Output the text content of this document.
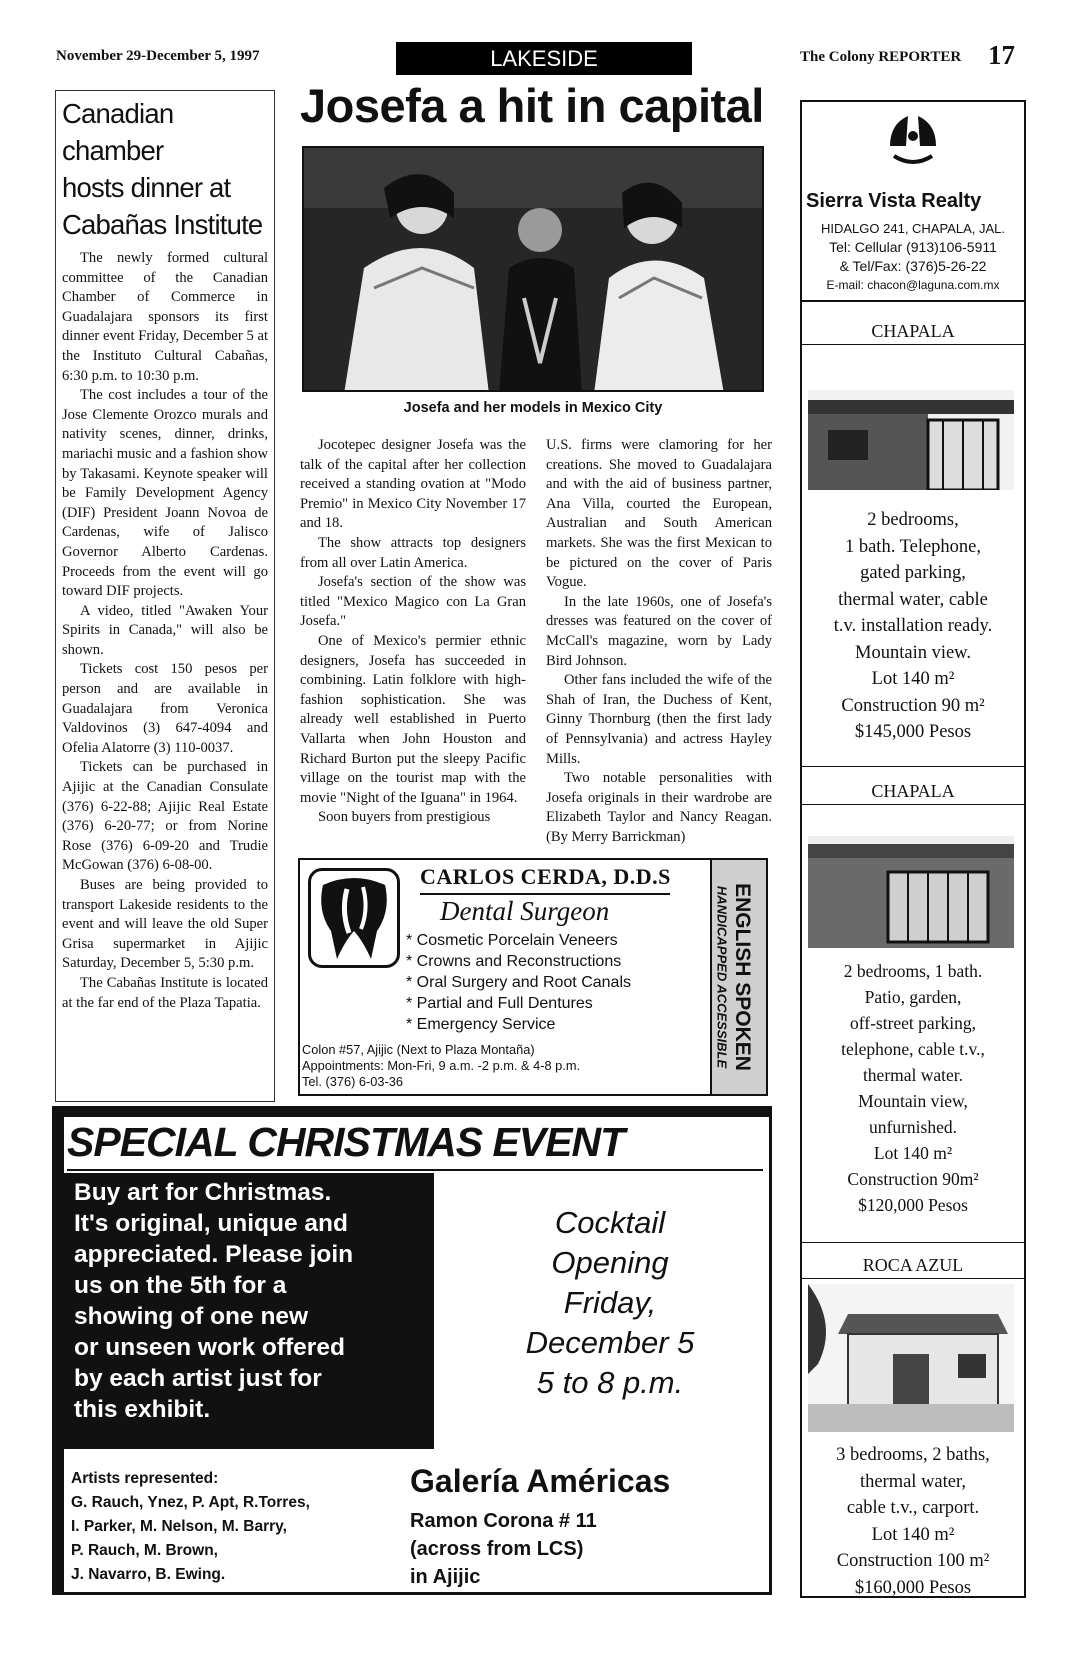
November 29-December 5, 1997	LAKESIDE	The Colony REPORTER 17
Canadian chamber
hosts dinner at
Cabañas Institute

The newly formed cultural committee of the Canadian Chamber of Commerce in Guadalajara sponsors its first dinner event Friday, December 5 at the Instituto Cultural Cabañas, 6:30 p.m. to 10:30 p.m.

The cost includes a tour of the Jose Clemente Orozco murals and nativity scenes, dinner, drinks, mariachi music and a fashion show by Takasami. Keynote speaker will be Family Development Agency (DIF) President Joann Novoa de Cardenas, wife of Jalisco Governor Alberto Cardenas. Proceeds from the event will go toward DIF projects.

A video, titled "Awaken Your Spirits in Canada," will also be shown.

Tickets cost 150 pesos per person and are available in Guadalajara from Veronica Valdovinos (3) 647-4094 and Ofelia Alatorre (3) 110-0037.

Tickets can be purchased in Ajijic at the Canadian Consulate (376) 6-22-88; Ajijic Real Estate (376) 6-20-77; or from Norine Rose (376) 6-09-20 and Trudie McGowan (376) 6-08-00.

Buses are being provided to transport Lakeside residents to the event and will leave the old Super Grisa supermarket in Ajijic Saturday, December 5, 5:30 p.m.

The Cabañas Institute is located at the far end of the Plaza Tapatia.

Josefa a hit in capital
Josefa and her models in Mexico City

Jocotepec designer Josefa was the talk of the capital after her collection received a standing ovation at "Modo Premio" in Mexico City November 17 and 18.

The show attracts top designers from all over Latin America.

Josefa's section of the show was titled "Mexico Magico con La Gran Josefa."

One of Mexico's permier ethnic designers, Josefa has succeeded in combining. Latin folklore with high-fashion sophistication. She was already well established in Puerto Vallarta when John Houston and Richard Burton put the sleepy Pacific village on the tourist map with the movie "Night of the Iguana" in 1964.

Soon buyers from prestigious

U.S. firms were clamoring for her creations. She moved to Guadalajara and with the aid of business partner, Ana Villa, courted the European, Australian and South American markets. She was the first Mexican to be pictured on the cover of Paris Vogue.

In the late 1960s, one of Josefa's dresses was featured on the cover of McCall's magazine, worn by Lady Bird Johnson.

Other fans included the wife of the Shah of Iran, the Duchess of Kent, Ginny Thornburg (then the first lady of Pennsylvania) and actress Hayley Mills.

Two notable personalities with Josefa originals in their wardrobe are Elizabeth Taylor and Nancy Reagan. (By Merry Barrickman)

CARLOS CERDA, D.D.S
Dental Surgeon
* Cosmetic Porcelain Veneers
* Crowns and Reconstructions
* Oral Surgery and Root Canals
* Partial and Full Dentures
* Emergency Service
Colon #57, Ajijic (Next to Plaza Montaña)
Appointments: Mon-Fri, 9 a.m. -2 p.m. & 4-8 p.m.
Tel. (376) 6-03-36
ENGLISH SPOKEN
HANDICAPPED ACCESSIBLE
SPECIAL CHRISTMAS EVENT
Buy art for Christmas.
It's original, unique and
appreciated. Please join
us on the 5th for a
showing of one new
or unseen work offered
by each artist just for
this exhibit.
Cocktail
Opening
Friday,
December 5
5 to 8 p.m.
Artists represented:
G. Rauch, Ynez, P. Apt, R.Torres,
I. Parker, M. Nelson, M. Barry,
P. Rauch, M. Brown,
J. Navarro, B. Ewing.
Galería Américas
Ramon Corona # 11
(across from LCS)
in Ajijic
Sierra Vista Realty
HIDALGO 241, CHAPALA, JAL.
Tel: Cellular (913)106-5911
& Tel/Fax: (376)5-26-22
E-mail: chacon@laguna.com.mx
CHAPALA
2 bedrooms,
1 bath. Telephone,
gated parking,
thermal water, cable
t.v. installation ready.
Mountain view.
Lot 140 m²
Construction 90 m²
$145,000 Pesos
CHAPALA
2 bedrooms, 1 bath.
Patio, garden,
off-street parking,
telephone, cable t.v.,
thermal water.
Mountain view,
unfurnished.
Lot 140 m²
Construction 90m²
$120,000 Pesos
ROCA AZUL
3 bedrooms, 2 baths,
thermal water,
cable t.v., carport.
Lot 140 m²
Construction 100 m²
$160,000 Pesos
